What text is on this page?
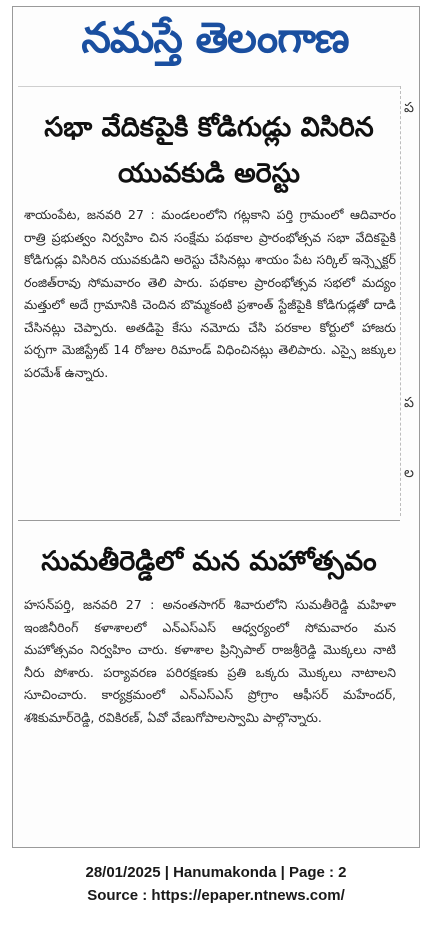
నమస్తే తెలంగాణ
ప
ప
ల
సభా వేదికపైకి కోడిగుడ్లు విసిరిన
యువకుడి అరెస్టు
శాయంపేట, జనవరి 27 : మండలంలోని గట్లకాని పర్తి గ్రామంలో ఆదివారం రాత్రి ప్రభుత్వం నిర్వహిం చిన సంక్షేమ పథకాల ప్రారంభోత్సవ సభా వేదికపైకి కోడిగుడ్లు విసిరిన యువకుడిని అరెస్టు చేసినట్లు శాయం పేట సర్కిల్ ఇన్స్పెక్టర్ రంజిత్‌రావు సోమవారం తెలి పారు. పథకాల ప్రారంభోత్సవ సభలో మద్యం మత్తులో అదే గ్రామానికి చెందిన బొమ్మకంటి ప్రశాంత్ స్టేజీపైకి కోడిగుడ్లతో దాడి చేసినట్లు చెప్పారు. అతడిపై కేసు నమోదు చేసి పరకాల కోర్టులో హాజరు పర్చగా మెజిస్ట్రేట్ 14 రోజుల రిమాండ్ విధించినట్లు తెలిపారు. ఎస్సై జక్కుల పరమేశ్ ఉన్నారు.
సుమతీరెడ్డిలో మన మహోత్సవం
హసన్‌పర్తి, జనవరి 27 : అనంతసాగర్ శివారులోని సుమతీరెడ్డి మహిళా ఇంజినీరింగ్ కళాశాలలో ఎన్ఎస్ఎస్ ఆధ్వర్యంలో సోమవారం మన మహోత్సవం నిర్వహిం చారు. కళాశాల ప్రిన్సిపాల్ రాజశ్రీరెడ్డి మొక్కలు నాటి నీరు పోశారు. పర్యావరణ పరిరక్షణకు ప్రతి ఒక్కరు మొక్కలు నాటాలని సూచించారు. కార్యక్రమంలో ఎన్ఎస్ఎస్ ప్రోగ్రాం ఆఫీసర్ మహేందర్, శశికుమార్‌రెడ్డి, రవికిరణ్, ఏవో వేణుగోపాలస్వామి పాల్గొన్నారు.
28/01/2025 | Hanumakonda | Page : 2
Source : https://epaper.ntnews.com/
